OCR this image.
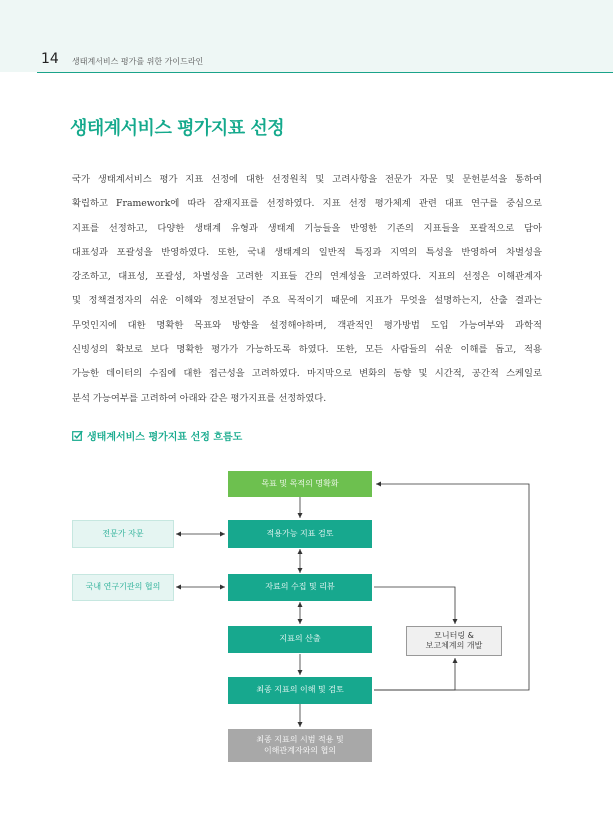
14 생태계서비스 평가를 위한 가이드라인
생태계서비스 평가지표 선정
국가 생태계서비스 평가 지표 선정에 대한 선정원칙 및 고려사항을 전문가 자문 및 문헌분석을 통하여
확립하고 Framework에 따라 잠재지표를 선정하였다. 지표 선정 평가체계 관련 대표 연구를 중심으로
지표를 선정하고, 다양한 생태계 유형과 생태계 기능들을 반영한 기존의 지표들을 포괄적으로 담아
대표성과 포괄성을 반영하였다. 또한, 국내 생태계의 일반적 특징과 지역의 특성을 반영하여 차별성을
강조하고, 대표성, 포괄성, 차별성을 고려한 지표들 간의 연계성을 고려하였다. 지표의 선정은 이해관계자
및 정책결정자의 쉬운 이해와 정보전달이 주요 목적이기 때문에 지표가 무엇을 설명하는지, 산출 결과는
무엇인지에 대한 명확한 목표와 방향을 설정해야하며, 객관적인 평가방법 도입 가능여부와 과학적
신빙성의 확보로 보다 명확한 평가가 가능하도록 하였다. 또한, 모든 사람들의 쉬운 이해를 돕고, 적용
가능한 데이터의 수집에 대한 접근성을 고려하였다. 마지막으로 변화의 동향 및 시간적, 공간적 스케일로
분석 가능여부를 고려하여 아래와 같은 평가지표를 선정하였다.
생태계서비스 평가지표 선정 흐름도
목표 및 목적의 명확화
적용가능 지표 검토
자료의 수집 및 리뷰
지표의 산출
최종 지표의 이해 및 검토
최종 지표의 시범 적용 및
이해관계자와의 협의
전문가 자문
국내 연구기관의 협의
모니터링 &
보고체계의 개발
